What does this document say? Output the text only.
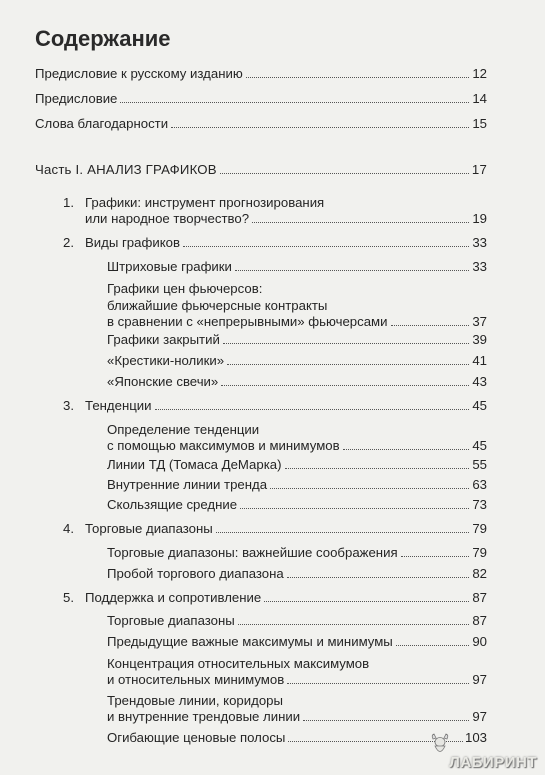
Содержание
Предисловие к русскому изданию	12
Предисловие	14
Слова благодарности	15
Часть I. АНАЛИЗ ГРАФИКОВ	17
1. Графики: инструмент прогнозирования
или народное творчество?	19
2. Виды графиков	33
Штриховые графики	33
Графики цен фьючерсов:
ближайшие фьючерсные контракты
в сравнении с «непрерывными» фьючерсами	37
Графики закрытий	39
«Крестики-нолики»	41
«Японские свечи»	43
3. Тенденции	45
Определение тенденции
с помощью максимумов и минимумов	45
Линии ТД (Томаса ДеМарка)	55
Внутренние линии тренда	63
Скользящие средние	73
4. Торговые диапазоны	79
Торговые диапазоны: важнейшие соображения	79
Пробой торгового диапазона	82
5. Поддержка и сопротивление	87
Торговые диапазоны	87
Предыдущие важные максимумы и минимумы	90
Концентрация относительных максимумов
и относительных минимумов	97
Трендовые линии, коридоры
и внутренние трендовые линии	97
Огибающие ценовые полосы	103
ЛАБИРИНТ
